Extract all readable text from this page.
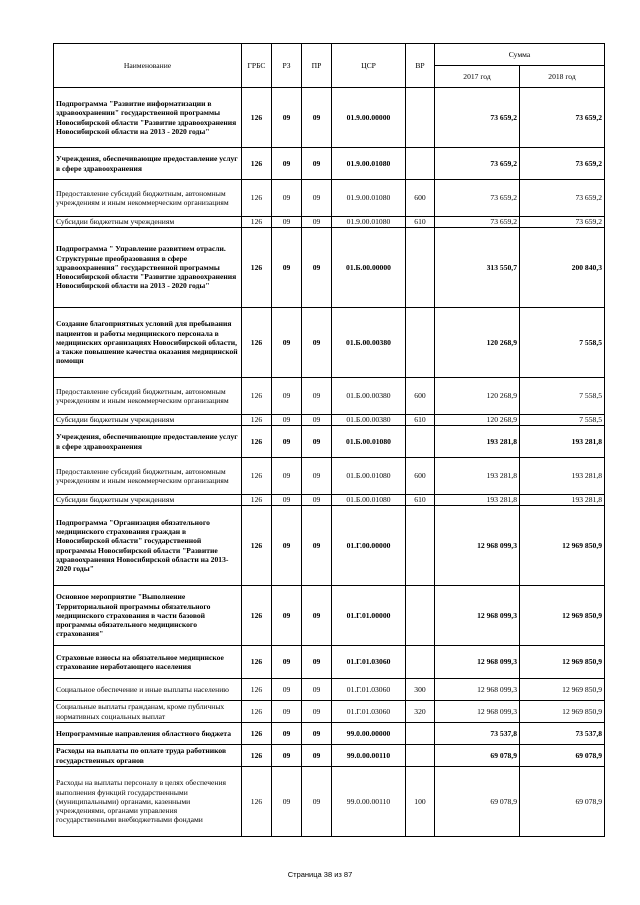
Наименование	ГРБС	РЗ	ПР	ЦСР	ВР	Сумма	
						2017 год	2018 год
Подпрограмма "Развитие информатизации в здравоохранении" государственной программы Новосибирской области "Развитие здравоохранения Новосибирской области на 2013 - 2020 годы"	126	09	09	01.9.00.00000		73 659,2	73 659,2
Учреждения, обеспечивающие предоставление услуг в сфере здравоохранения	126	09	09	01.9.00.01080		73 659,2	73 659,2
Предоставление субсидий бюджетным, автономным учреждениям и иным некоммерческим организациям	126	09	09	01.9.00.01080	600	73 659,2	73 659,2
Субсидии бюджетным учреждениям	126	09	09	01.9.00.01080	610	73 659,2	73 659,2
Подпрограмма " Управление развитием отрасли. Структурные преобразования в сфере здравоохранения" государственной программы Новосибирской области "Развитие здравоохранения Новосибирской области на 2013 - 2020 годы"	126	09	09	01.Б.00.00000		313 550,7	200 840,3
Создание благоприятных условий для пребывания пациентов и работы медицинского персонала в медицинских организациях Новосибирской области, а также повышение качества оказания медицинской помощи	126	09	09	01.Б.00.00380		120 268,9	7 558,5
Предоставление субсидий бюджетным, автономным учреждениям и иным некоммерческим организациям	126	09	09	01.Б.00.00380	600	120 268,9	7 558,5
Субсидии бюджетным учреждениям	126	09	09	01.Б.00.00380	610	120 268,9	7 558,5
Учреждения, обеспечивающие предоставление услуг в сфере здравоохранения	126	09	09	01.Б.00.01080		193 281,8	193 281,8
Предоставление субсидий бюджетным, автономным учреждениям и иным некоммерческим организациям	126	09	09	01.Б.00.01080	600	193 281,8	193 281,8
Субсидии бюджетным учреждениям	126	09	09	01.Б.00.01080	610	193 281,8	193 281,8
Подпрограмма "Организация обязательного медицинского страхования граждан в Новосибирской области" государственной программы Новосибирской области "Развитие здравоохранения Новосибирской области на 2013-2020 годы"	126	09	09	01.Г.00.00000		12 968 099,3	12 969 850,9
Основное мероприятие "Выполнение Территориальной программы обязательного медицинского страхования в части базовой программы обязательного медицинского страхования"	126	09	09	01.Г.01.00000		12 968 099,3	12 969 850,9
Страховые взносы на обязательное медицинское страхование неработающего населения	126	09	09	01.Г.01.03060		12 968 099,3	12 969 850,9
Социальное обеспечение и иные выплаты населению	126	09	09	01.Г.01.03060	300	12 968 099,3	12 969 850,9
Социальные выплаты гражданам, кроме публичных нормативных социальных выплат	126	09	09	01.Г.01.03060	320	12 968 099,3	12 969 850,9
Непрограммные направления областного бюджета	126	09	09	99.0.00.00000		73 537,8	73 537,8
Расходы на выплаты по оплате труда работников государственных органов	126	09	09	99.0.00.00110		69 078,9	69 078,9
Расходы на выплаты персоналу в целях обеспечения выполнения функций государственными (муниципальными) органами, казенными учреждениями, органами управления государственными внебюджетными фондами	126	09	09	99.0.00.00110	100	69 078,9	69 078,9
Страница 38 из 87
